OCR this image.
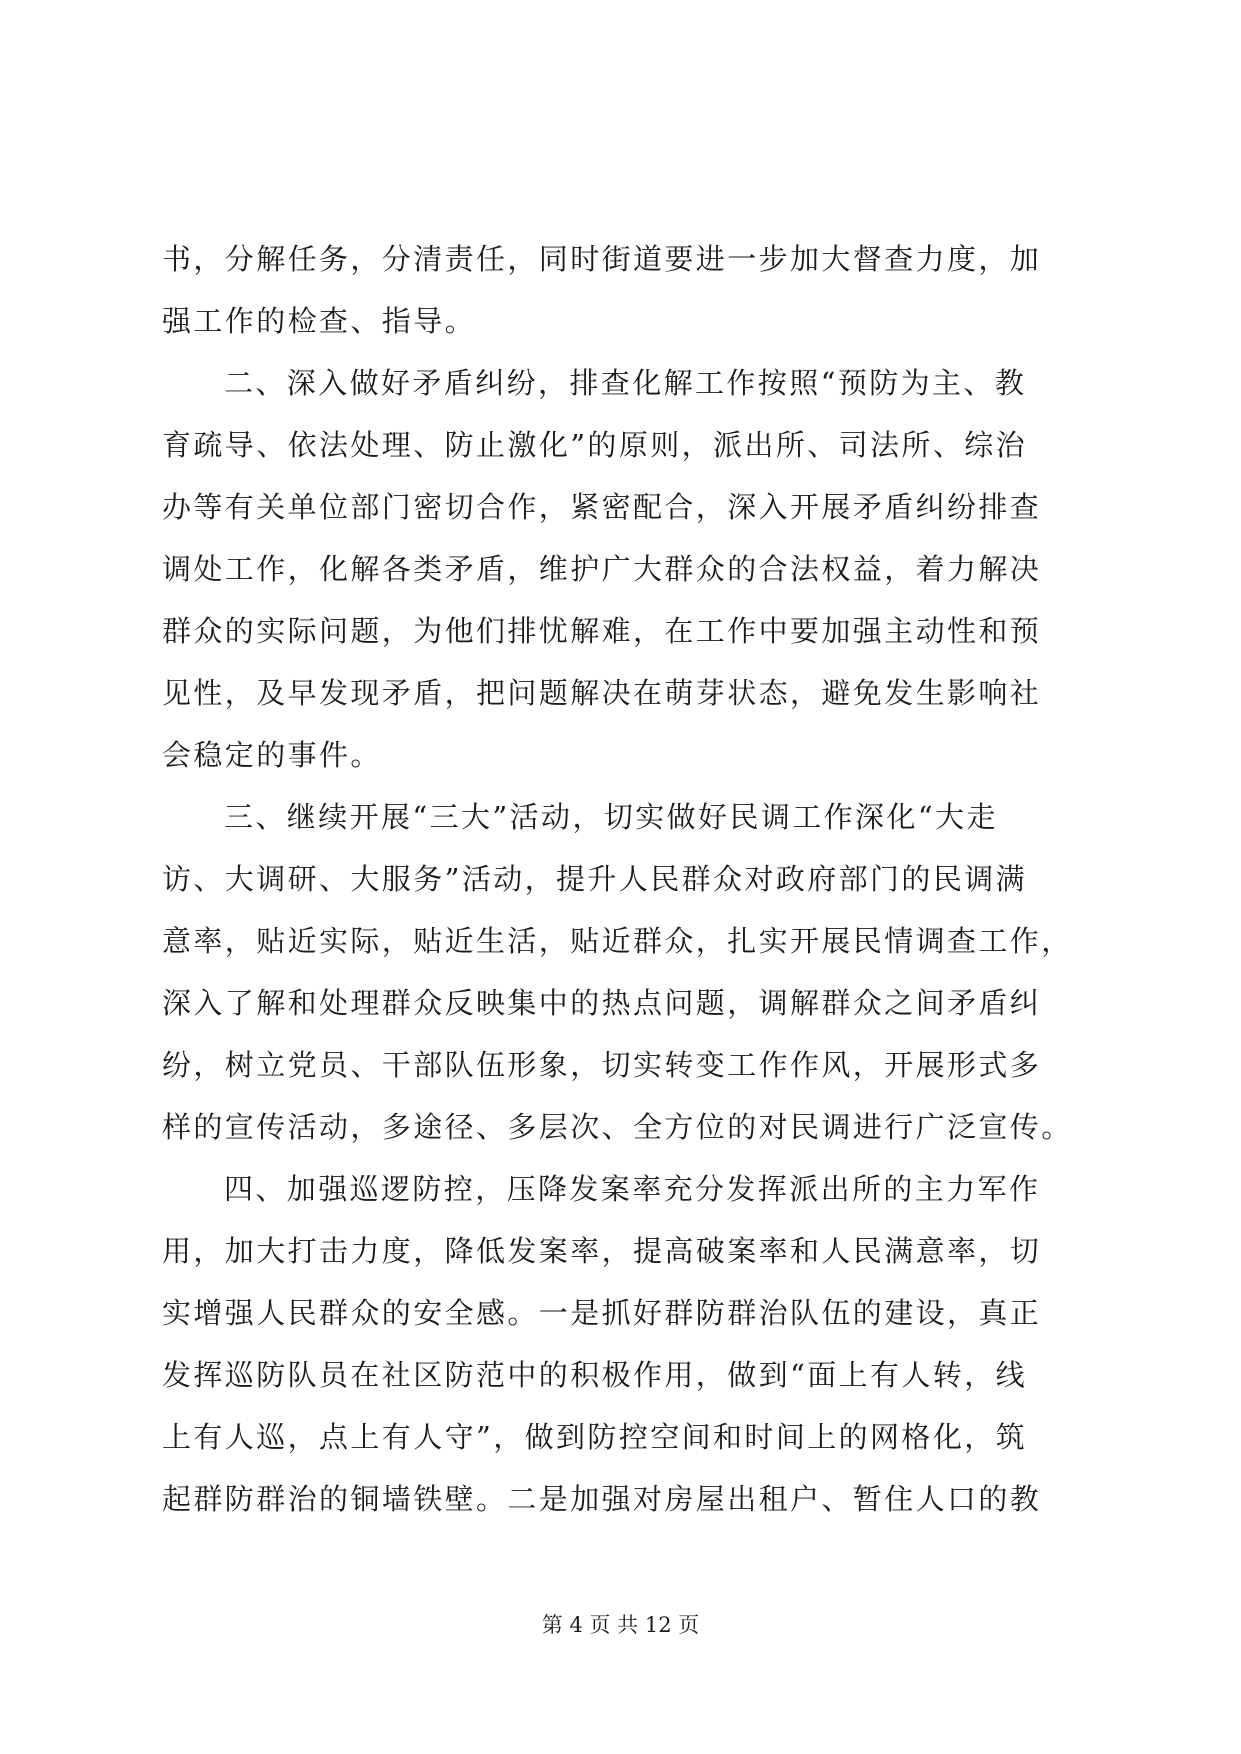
书，分解任务，分清责任，同时街道要进一步加大督查力度，加
强工作的检查、指导。
二、深入做好矛盾纠纷，排查化解工作按照“预防为主、教
育疏导、依法处理、防止激化”的原则，派出所、司法所、综治
办等有关单位部门密切合作，紧密配合，深入开展矛盾纠纷排查
调处工作，化解各类矛盾，维护广大群众的合法权益，着力解决
群众的实际问题，为他们排忧解难，在工作中要加强主动性和预
见性，及早发现矛盾，把问题解决在萌芽状态，避免发生影响社
会稳定的事件。
三、继续开展“三大”活动，切实做好民调工作深化“大走
访、大调研、大服务”活动，提升人民群众对政府部门的民调满
意率，贴近实际，贴近生活，贴近群众，扎实开展民情调查工作，
深入了解和处理群众反映集中的热点问题，调解群众之间矛盾纠
纷，树立党员、干部队伍形象，切实转变工作作风，开展形式多
样的宣传活动，多途径、多层次、全方位的对民调进行广泛宣传。
四、加强巡逻防控，压降发案率充分发挥派出所的主力军作
用，加大打击力度，降低发案率，提高破案率和人民满意率，切
实增强人民群众的安全感。一是抓好群防群治队伍的建设，真正
发挥巡防队员在社区防范中的积极作用，做到“面上有人转，线
上有人巡，点上有人守”，做到防控空间和时间上的网格化，筑
起群防群治的铜墙铁壁。二是加强对房屋出租户、暂住人口的教
第 4 页 共 12 页
